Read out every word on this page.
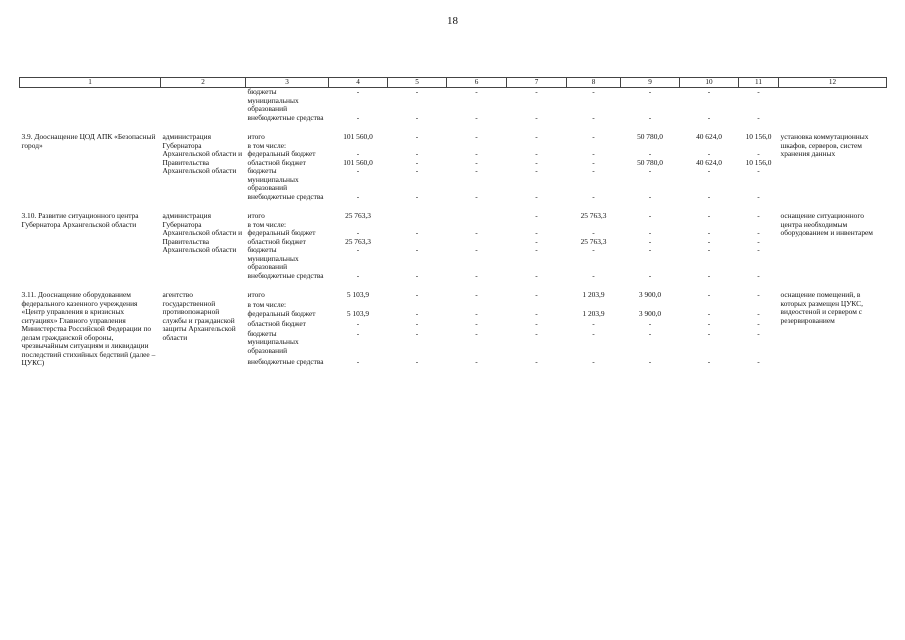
18
1	2	3	4	5	6	7	8	9	10	11	12
		бюджеты муниципальных образований	-	-	-	-	-	-	-	-	
		внебюджетные средства	-	-	-	-	-	-	-	-	

3.9. Дооснащение ЦОД АПК «Безопасный город»	администрация Губернатора Архангельской области и Правительства Архангельской области	итого	101 560,0	-	-	-	-	50 780,0	40 624,0	10 156,0	установка коммутационных шкафов, серверов, систем хранения данных
		в том числе:									
		федеральный бюджет	-	-	-	-	-	-	-	-	
		областной бюджет	101 560,0	-	-	-	-	50 780,0	40 624,0	10 156,0	
		бюджеты муниципальных образований	-	-	-	-	-	-	-	-	
		внебюджетные средства	-	-	-	-	-	-	-	-	

3.10. Развитие ситуационного центра Губернатора Архангельской области	администрация Губернатора Архангельской области и Правительства Архангельской области	итого	25 763,3			-	25 763,3	-	-	-	оснащение ситуационного центра необходимым оборудованием и инвентарем
		в том числе:									
		федеральный бюджет	-	-	-	-	-	-	-	-	
		областной бюджет	25 763,3			-	25 763,3	-	-	-	
		бюджеты муниципальных образований	-	-	-	-	-	-	-	-	
		внебюджетные средства	-	-	-	-	-	-	-	-	

3.11. Дооснащение оборудованием федерального казенного учреждения «Центр управления в кризисных ситуациях» Главного управления Министерства Российской Федерации по делам гражданской обороны, чрезвычайным ситуациям и ликвидации последствий стихийных бедствий (далее – ЦУКС)	агентство государственной противопожарной службы и гражданской защиты Архангельской области	итого	5 103,9	-	-	-	1 203,9	3 900,0	-	-	оснащение помещений, в которых размещен ЦУКС, видеостеной и сервером с резервированием
		в том числе:									
		федеральный бюджет	5 103,9	-	-	-	1 203,9	3 900,0	-	-	
		областной бюджет	-	-	-	-	-	-	-	-	
		бюджеты муниципальных образований	-	-	-	-	-	-	-	-	
		внебюджетные средства	-	-	-	-	-	-	-	-	
